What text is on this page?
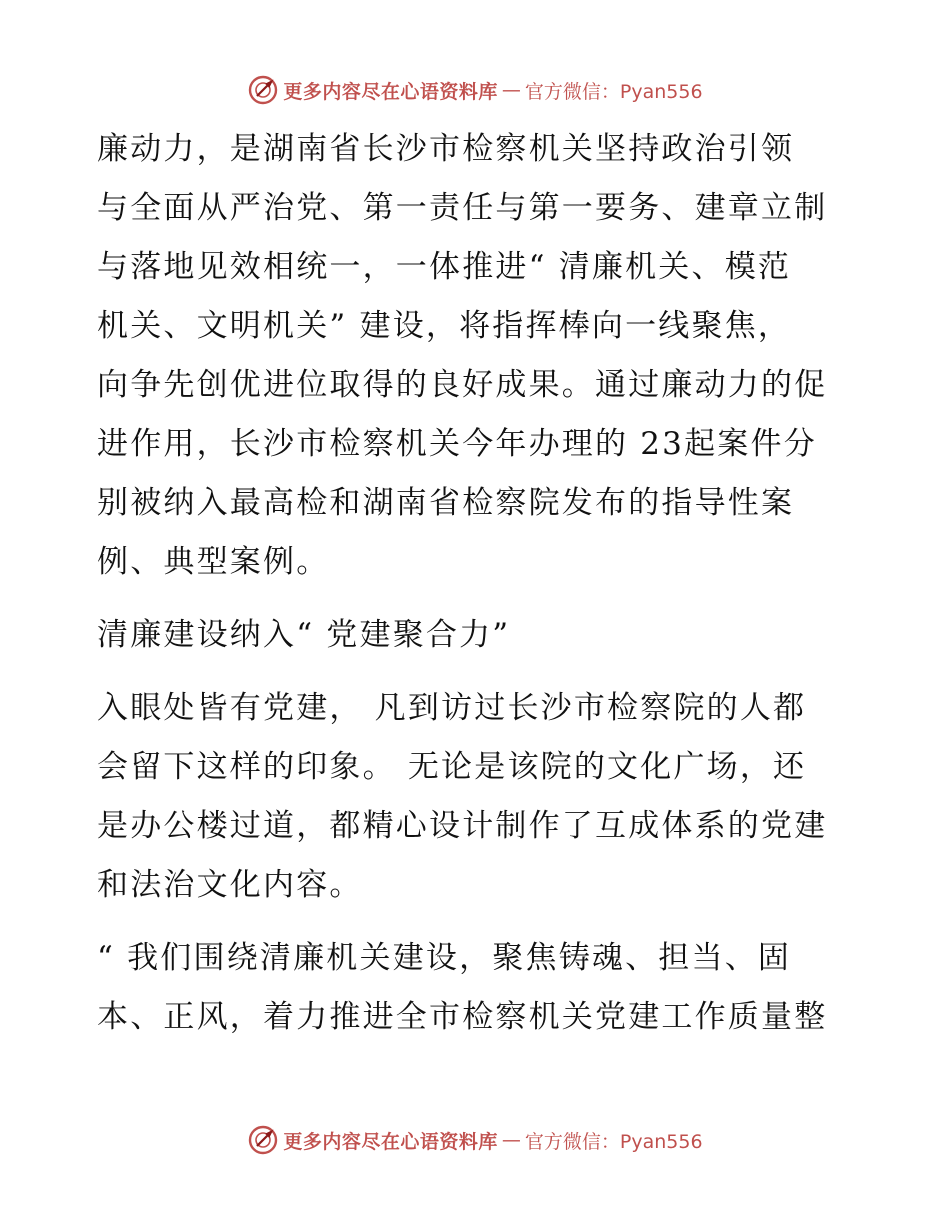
更多内容尽在心语资料库 — 官方微信：Pyan556

廉动力，是湖南省长沙市检察机关坚持政治引领
与全面从严治党、第一责任与第一要务、建章立制
与落地见效相统一，一体推进“ 清廉机关、模范
机关、文明机关” 建设，将指挥棒向一线聚焦，
向争先创优进位取得的良好成果。通过廉动力的促
进作用，长沙市检察机关今年办理的 23起案件分
别被纳入最高检和湖南省检察院发布的指导性案
例、典型案例。

清廉建设纳入“ 党建聚合力”

入眼处皆有党建， 凡到访过长沙市检察院的人都
会留下这样的印象。 无论是该院的文化广场，还
是办公楼过道，都精心设计制作了互成体系的党建
和法治文化内容。

“ 我们围绕清廉机关建设，聚焦铸魂、担当、固
本、正风，着力推进全市检察机关党建工作质量整

更多内容尽在心语资料库 — 官方微信：Pyan556
